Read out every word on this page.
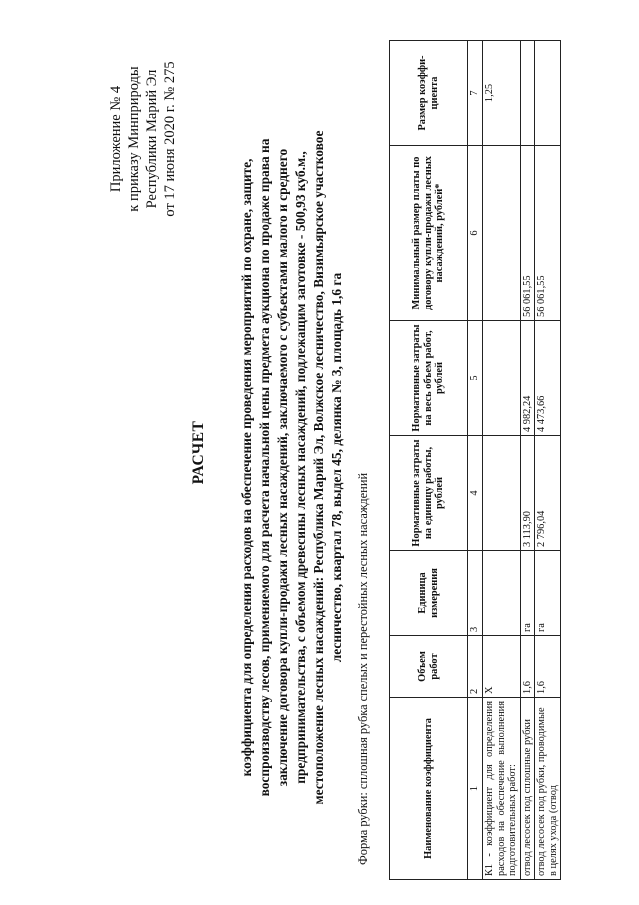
Приложение № 4 к приказу Минприроды Республики Марий Эл от 17 июня 2020 г. № 275
РАСЧЕТ коэффициента для определения расходов на обеспечение проведения мероприятий по охране, защите, воспроизводству лесов, применяемого для расчета начальной цены предмета аукциона по продаже права на заключение договора купли-продажи лесных насаждений, заключаемого с субъектами малого и среднего предпринимательства, с объемом древесины лесных насаждений, подлежащим заготовке - 500,93 куб.м., местоположение лесных насаждений: Республика Марий Эл, Волжское лесничество, Визимьярское участковое лесничество, квартал 78, выдел 45, делянка № 3, площадь 1,6 га
Форма рубки: сплошная рубка спелых и перестойных лесных насаждений	Наименование коэффициента	Объем работ	Единица измерения	Нормативные затраты на единицу работы, рублей	Нормативные затраты на весь объем работ, рублей	Минимальный размер платы по договору купли-продажи лесных насаждений, рублей*	Размер коэффи-циента
1	2	3	4	5	6	7
К1 - коэффициент для определения расходов на обеспечение выполнения подготовительных работ:	X					1,25
отвод лесосек под сплошные рубки	1,6	га	3 113,90	4 982,24	56 061,55	
отвод лесосек под рубки, проводимые в целях ухода (отвод	1,6	га	2 796,04	4 473,66	56 061,55	
